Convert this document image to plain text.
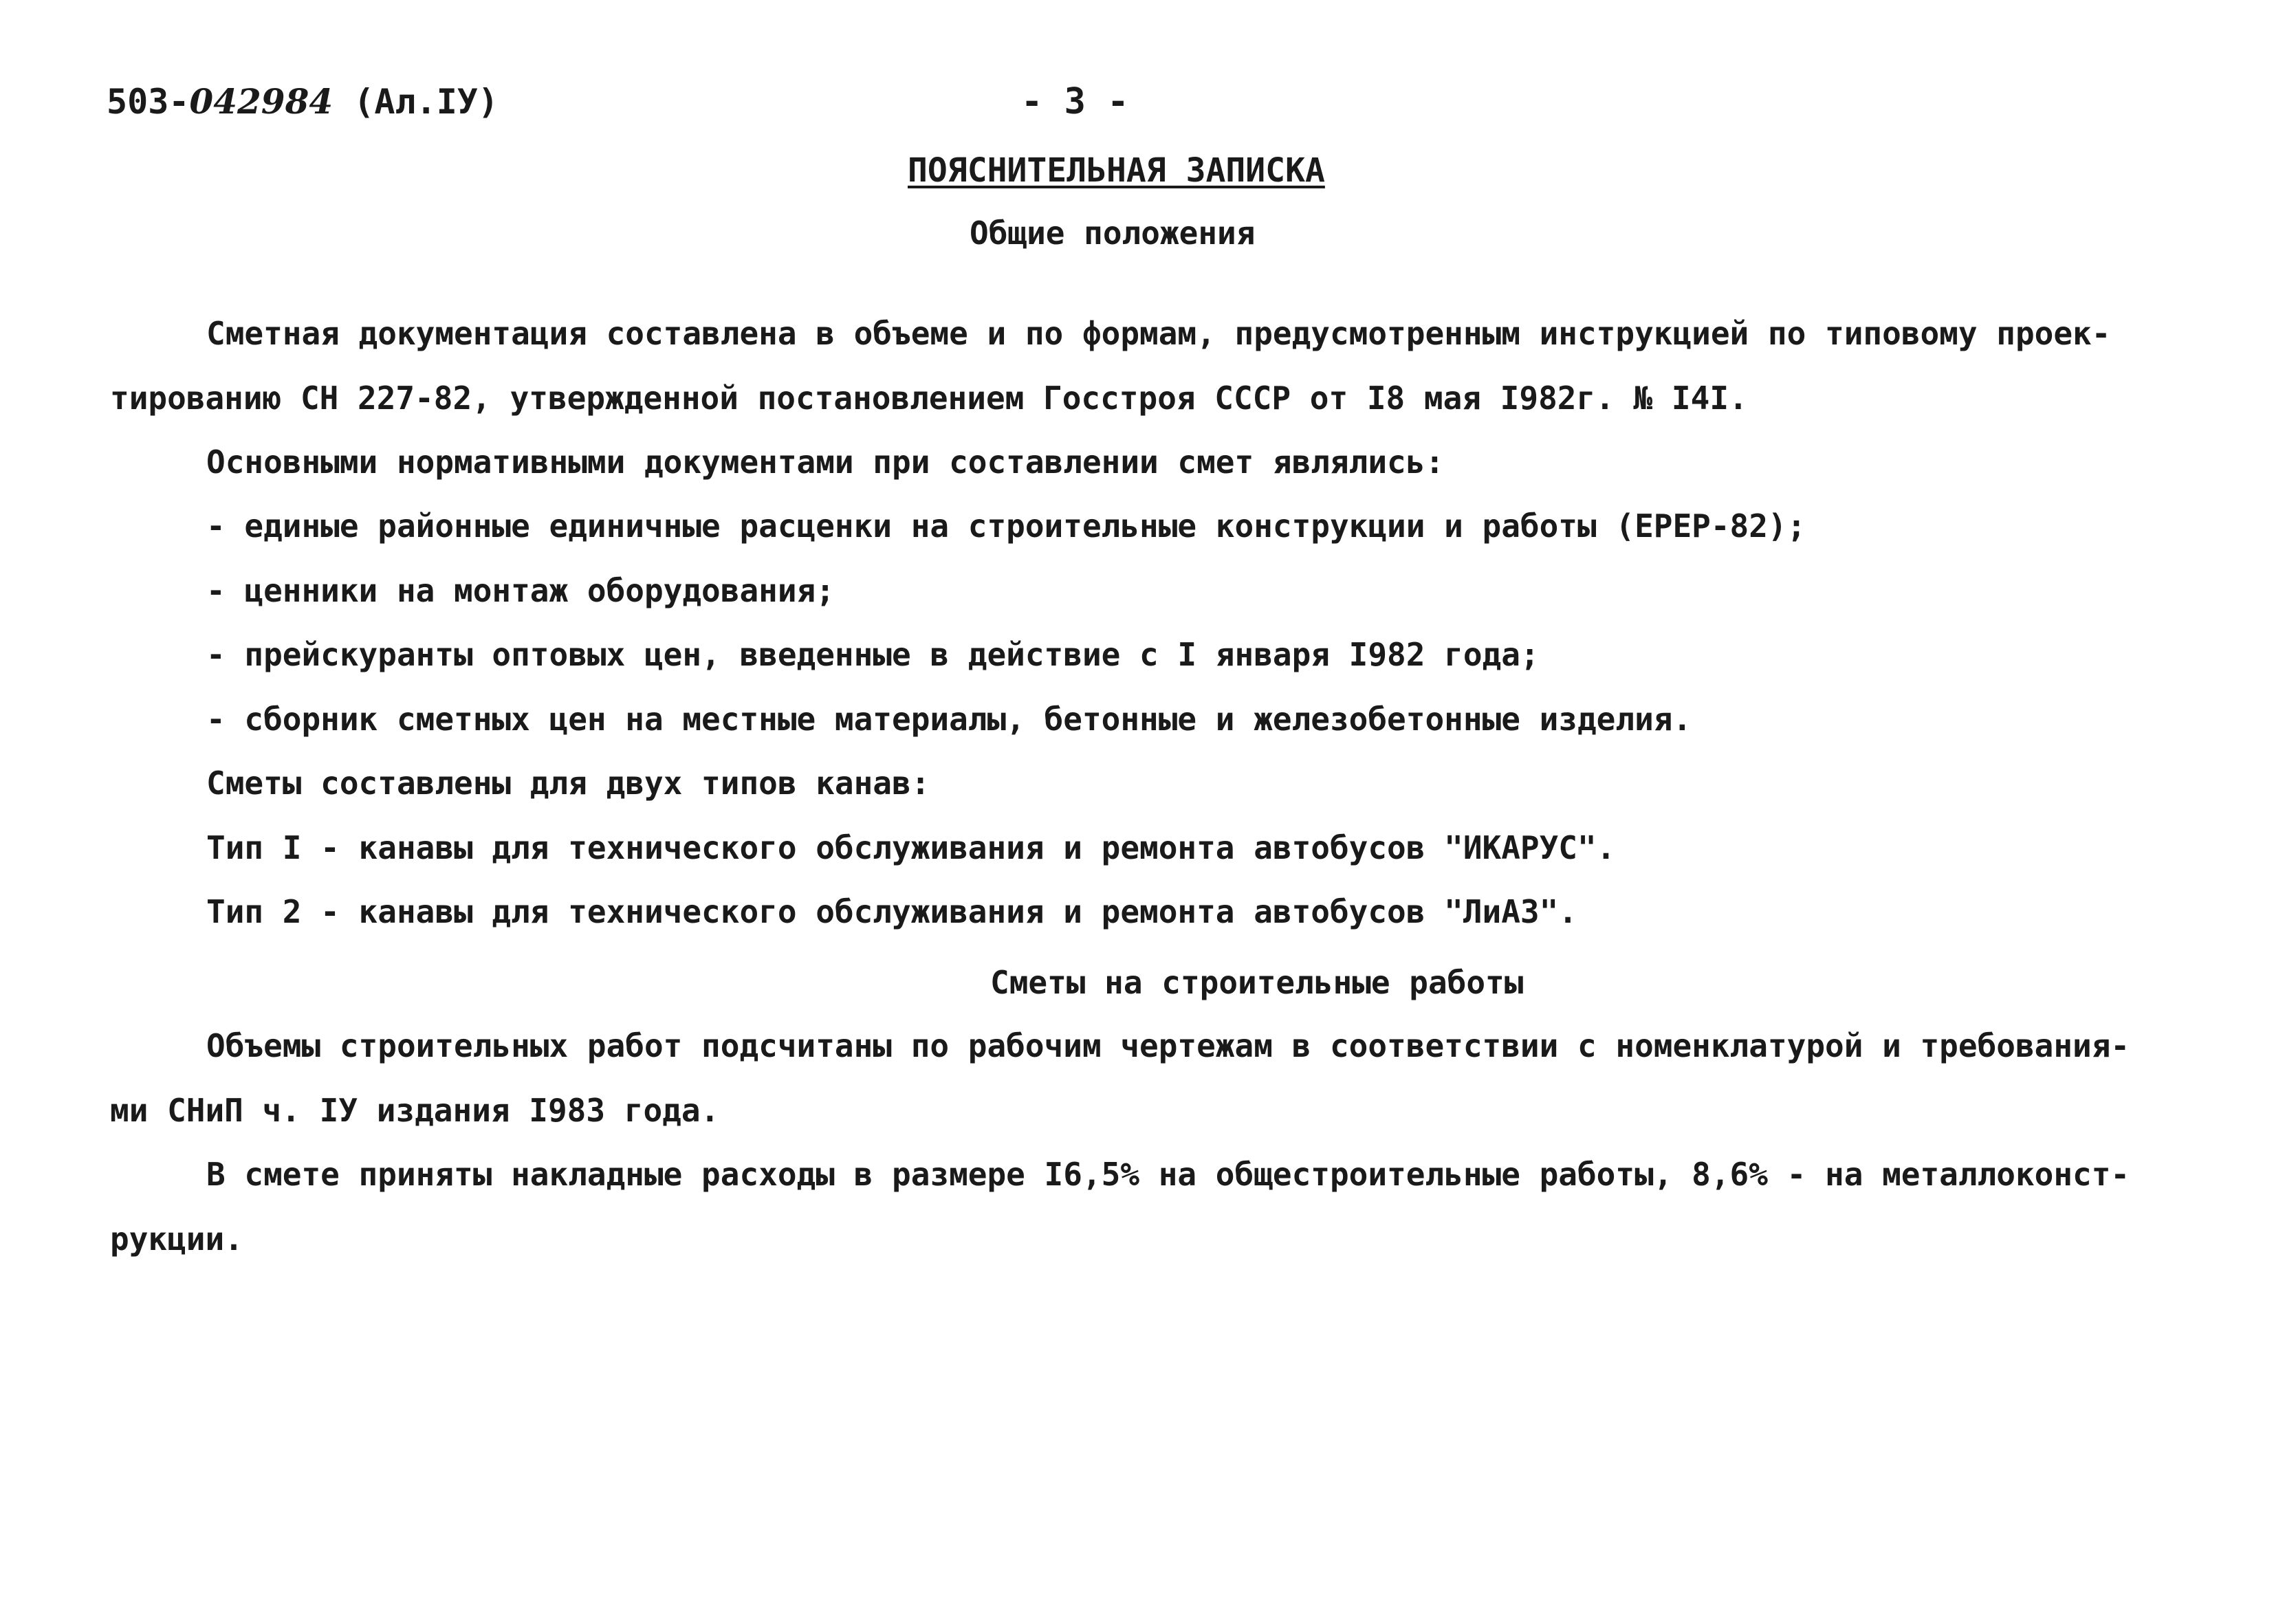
503-042984 (Ал.IУ)	- 3 -
ПОЯСНИТЕЛЬНАЯ ЗАПИСКА
Общие положения
Сметная документация составлена в объеме и по формам, предусмотренным инструкцией по типовому проек-
тированию СН 227-82, утвержденной постановлением Госстроя СССР от I8 мая I982г. № I4I.
Основными нормативными документами при составлении смет являлись:
- единые районные единичные расценки на строительные конструкции и работы (ЕРЕР-82);
- ценники на монтаж оборудования;
- прейскуранты оптовых цен, введенные в действие с I января I982 года;
- сборник сметных цен на местные материалы, бетонные и железобетонные изделия.
Сметы составлены для двух типов канав:
Тип I - канавы для технического обслуживания и ремонта автобусов "ИКАРУС".
Тип 2 - канавы для технического обслуживания и ремонта автобусов "ЛиАЗ".
Сметы на строительные работы
Объемы строительных работ подсчитаны по рабочим чертежам в соответствии с номенклатурой и требования-
ми СНиП ч. IУ издания I983 года.
В смете приняты накладные расходы в размере I6,5% на общестроительные работы, 8,6% - на металлоконст-
рукции.
